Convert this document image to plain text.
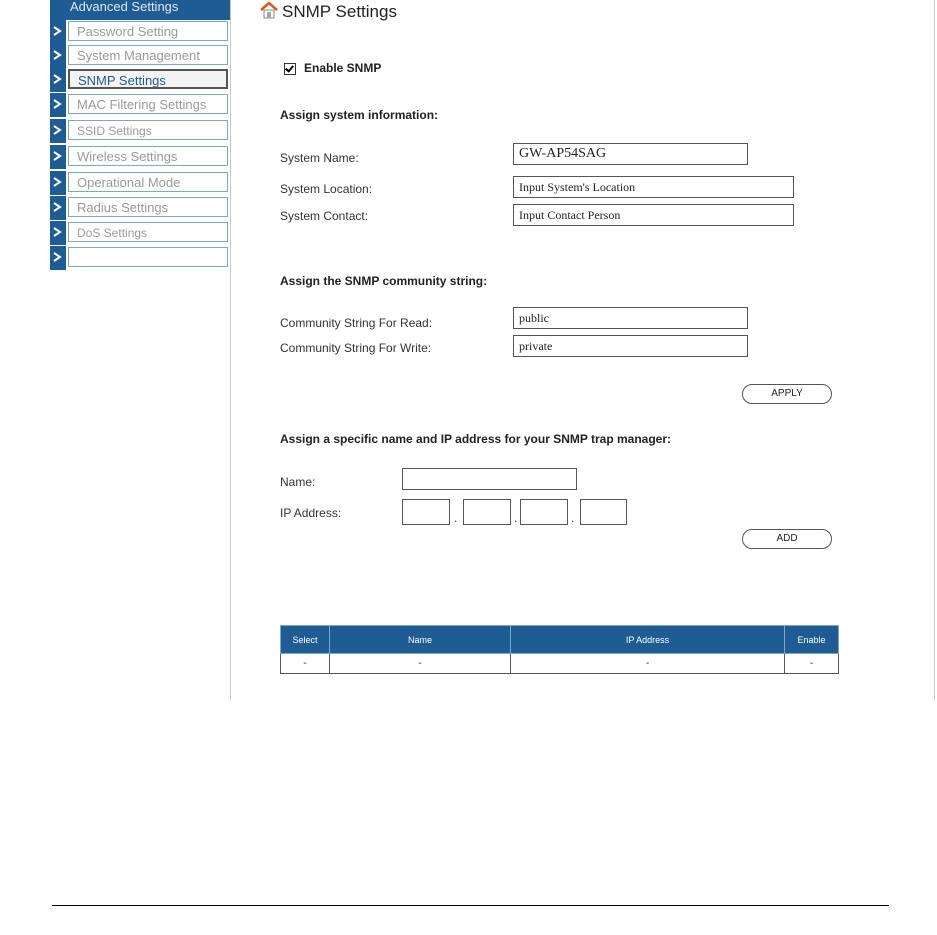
Advanced Settings
Password Setting
System Management
SNMP Settings
MAC Filtering Settings
SSID Settings
Wireless Settings
Operational Mode
Radius Settings
DoS Settings
SNMP Settings
Enable SNMP
Assign system information:
System Name:	GW-AP54SAG
System Location:	Input System's Location
System Contact:	Input Contact Person
Assign the SNMP community string:
Community String For Read:	public
Community String For Write:	private
APPLY
Assign a specific name and IP address for your SNMP trap manager:
Name:
IP Address:	.	.	.
ADD
Select	Name	IP Address	Enable
-	-	-	-
